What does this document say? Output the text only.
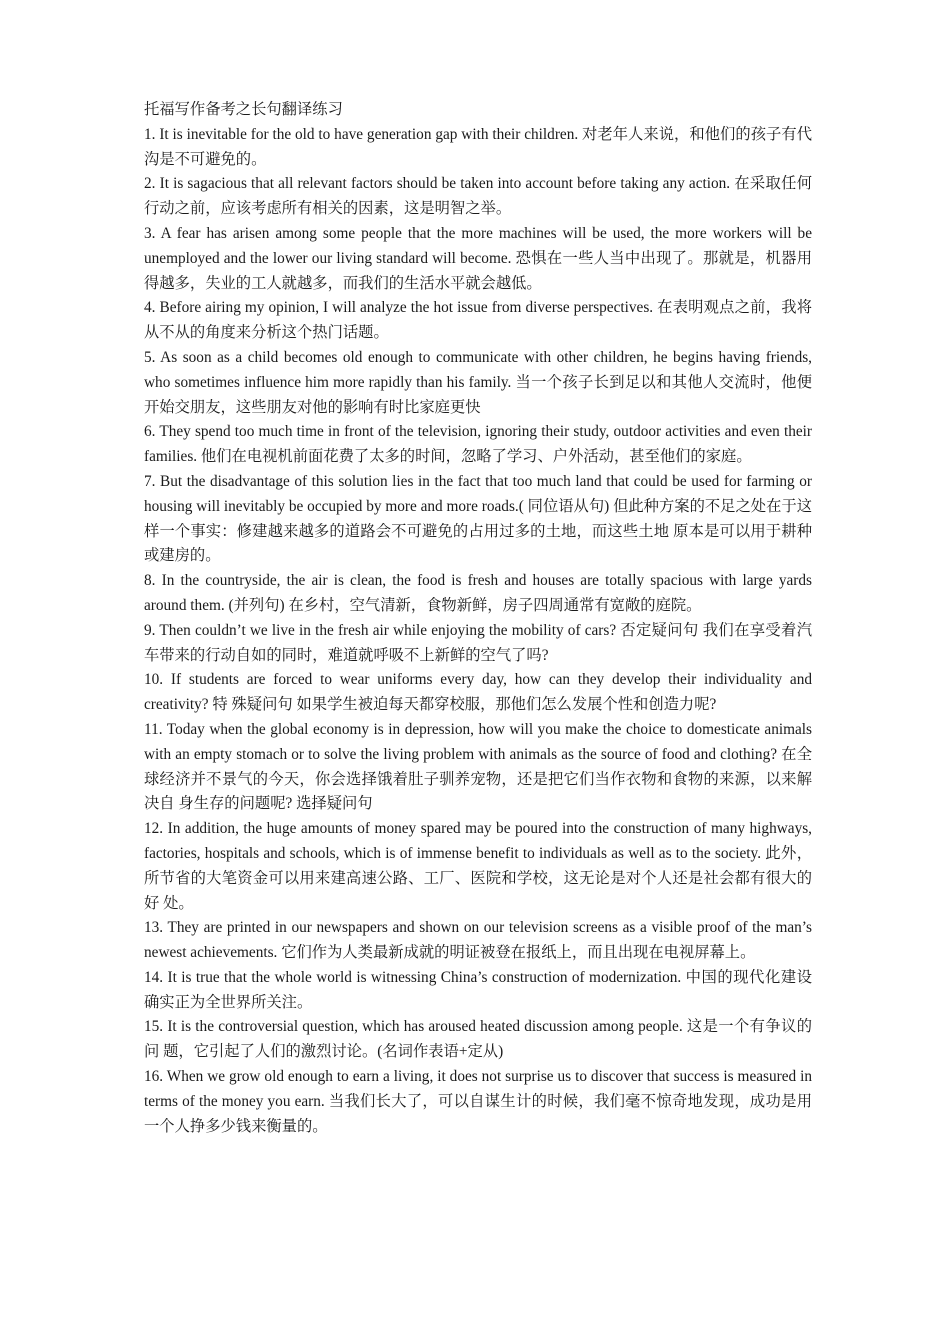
托福写作备考之长句翻译练习

1. It is inevitable for the old to have generation gap with their children. 对老年人来说，和他们的孩子有代沟是不可避免的。

2. It is sagacious that all relevant factors should be taken into account before taking any action. 在采取任何行动之前，应该考虑所有相关的因素，这是明智之举。

3. A fear has arisen among some people that the more machines will be used, the more workers will be unemployed and the lower our living standard will become. 恐惧在一些人当中出现了。那就是，机器用得越多，失业的工人就越多，而我们的生活水平就会越低。

4. Before airing my opinion, I will analyze the hot issue from diverse perspectives. 在表明观点之前，我将从不从的角度来分析这个热门话题。

5. As soon as a child becomes old enough to communicate with other children, he begins having friends, who sometimes influence him more rapidly than his family. 当一个孩子长到足以和其他人交流时，他便开始交朋友，这些朋友对他的影响有时比家庭更快

6. They spend too much time in front of the television, ignoring their study, outdoor activities and even their families. 他们在电视机前面花费了太多的时间，忽略了学习、户外活动，甚至他们的家庭。

7. But the disadvantage of this solution lies in the fact that too much land that could be used for farming or housing will inevitably be occupied by more and more roads.( 同位语从句) 但此种方案的不足之处在于这样一个事实：修建越来越多的道路会不可避免的占用过多的土地，而这些土地 原本是可以用于耕种或建房的。

8. In the countryside, the air is clean, the food is fresh and houses are totally spacious with large yards around them. (并列句) 在乡村，空气清新，食物新鲜，房子四周通常有宽敞的庭院。

9. Then couldn’t we live in the fresh air while enjoying the mobility of cars? 否定疑问句 我们在享受着汽车带来的行动自如的同时，难道就呼吸不上新鲜的空气了吗?

10. If students are forced to wear uniforms every day, how can they develop their individuality and creativity? 特 殊疑问句 如果学生被迫每天都穿校服，那他们怎么发展个性和创造力呢?

11. Today when the global economy is in depression, how will you make the choice to domesticate animals with an empty stomach or to solve the living problem with animals as the source of food and clothing? 在全球经济并不景气的今天，你会选择饿着肚子驯养宠物，还是把它们当作衣物和食物的来源，以来解决自 身生存的问题呢? 选择疑问句

12. In addition, the huge amounts of money spared may be poured into the construction of many highways, factories, hospitals and schools, which is of immense benefit to individuals as well as to the society. 此外，所节省的大笔资金可以用来建高速公路、工厂、医院和学校，这无论是对个人还是社会都有很大的好 处。

13. They are printed in our newspapers and shown on our television screens as a visible proof of the man’s newest achievements. 它们作为人类最新成就的明证被登在报纸上，而且出现在电视屏幕上。

14. It is true that the whole world is witnessing China’s construction of modernization. 中国的现代化建设确实正为全世界所关注。

15. It is the controversial question, which has aroused heated discussion among people. 这是一个有争议的问 题，它引起了人们的激烈讨论。(名词作表语+定从)

16. When we grow old enough to earn a living, it does not surprise us to discover that success is measured in terms of the money you earn. 当我们长大了，可以自谋生计的时候，我们毫不惊奇地发现，成功是用一个人挣多少钱来衡量的。
